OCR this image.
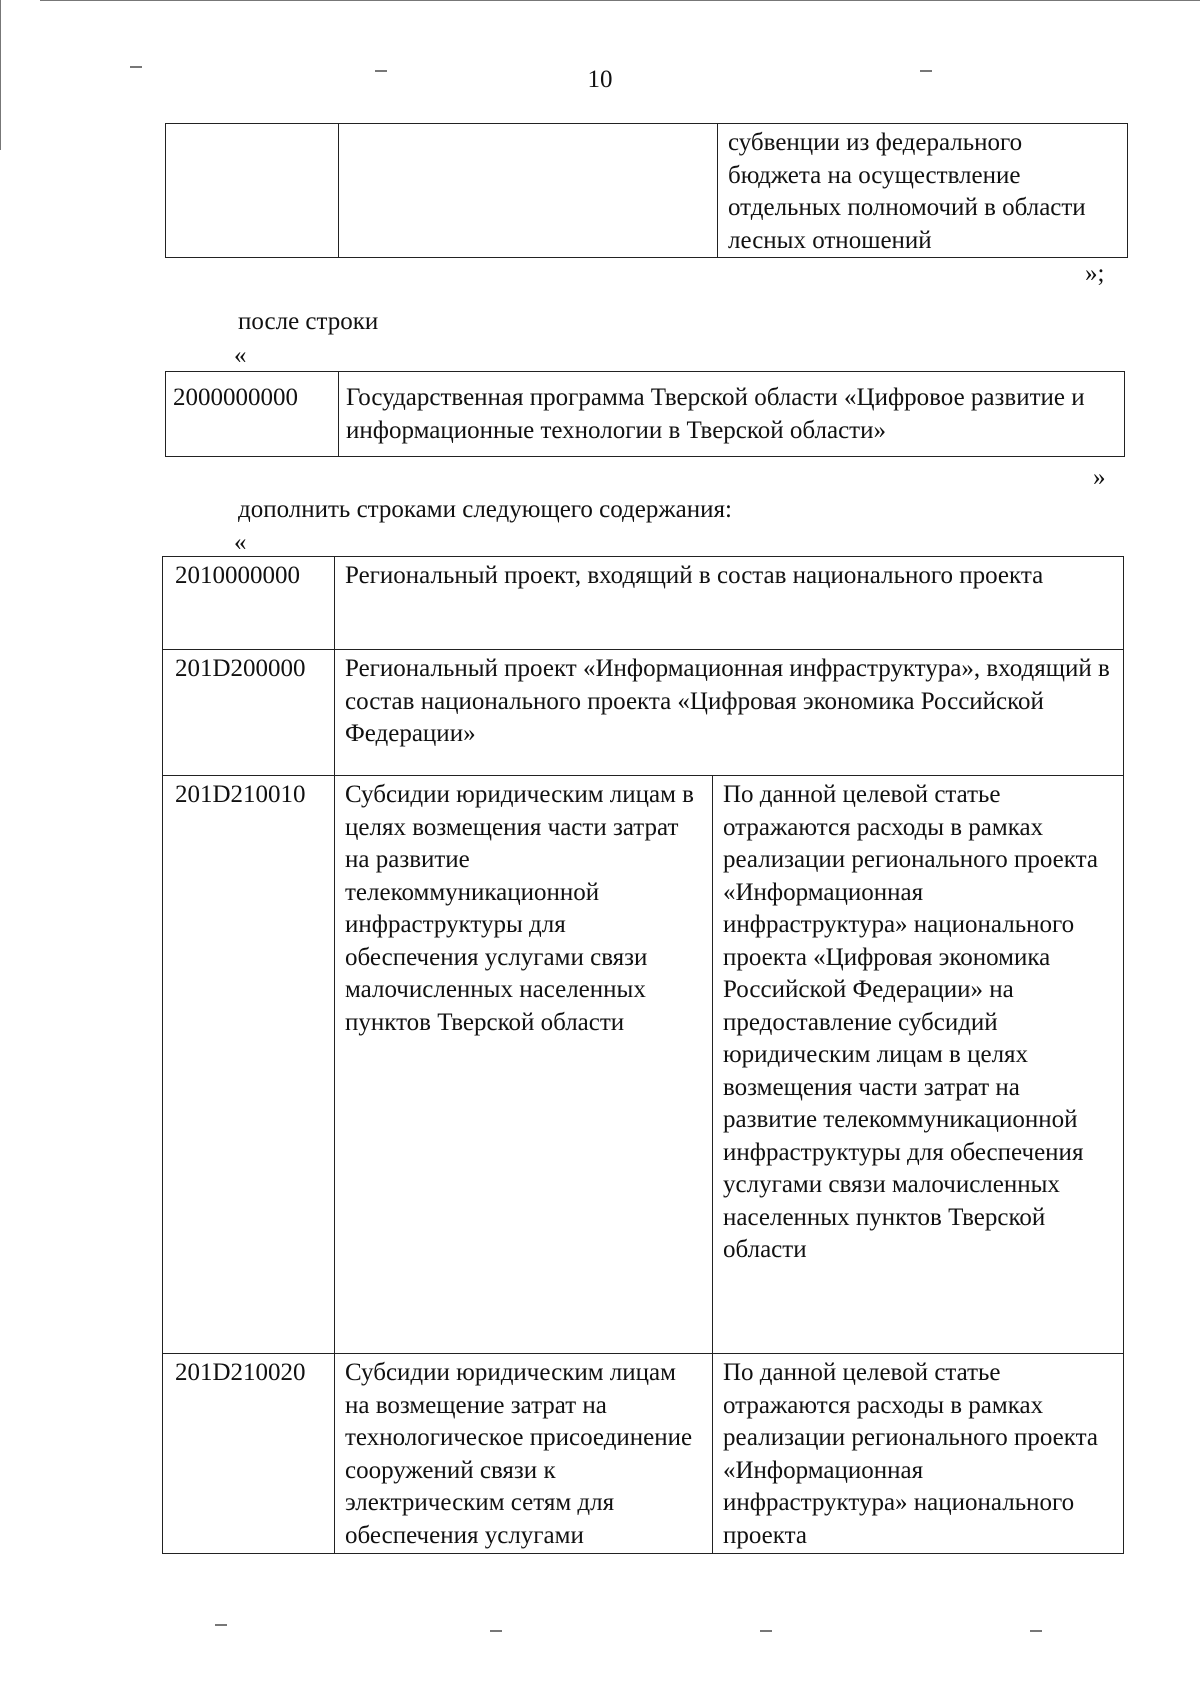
10
		субвенции из федерального бюджета на осуществление отдельных полномочий в области лесных отношений
»;
после строки
«
2000000000	Государственная программа Тверской области «Цифровое развитие и информационные технологии в Тверской области»
»
дополнить строками следующего содержания:
«
2010000000	Региональный проект, входящий в состав национального проекта	
201D200000	Региональный проект «Информационная инфраструктура», входящий в состав национального проекта «Цифровая экономика Российской Федерации»	
201D210010	Субсидии юридическим лицам в целях возмещения части затрат на развитие телекоммуникационной инфраструктуры для обеспечения услугами связи малочисленных населенных пунктов Тверской области	По данной целевой статье отражаются расходы в рамках реализации регионального проекта «Информационная инфраструктура» национального проекта «Цифровая экономика Российской Федерации» на предоставление субсидий юридическим лицам в целях возмещения части затрат на развитие телекоммуникационной инфраструктуры для обеспечения услугами связи малочисленных населенных пунктов Тверской области
201D210020	Субсидии юридическим лицам на возмещение затрат на технологическое присоединение сооружений связи к электрическим сетям для обеспечения услугами	По данной целевой статье отражаются расходы в рамках реализации регионального проекта «Информационная инфраструктура» национального проекта
